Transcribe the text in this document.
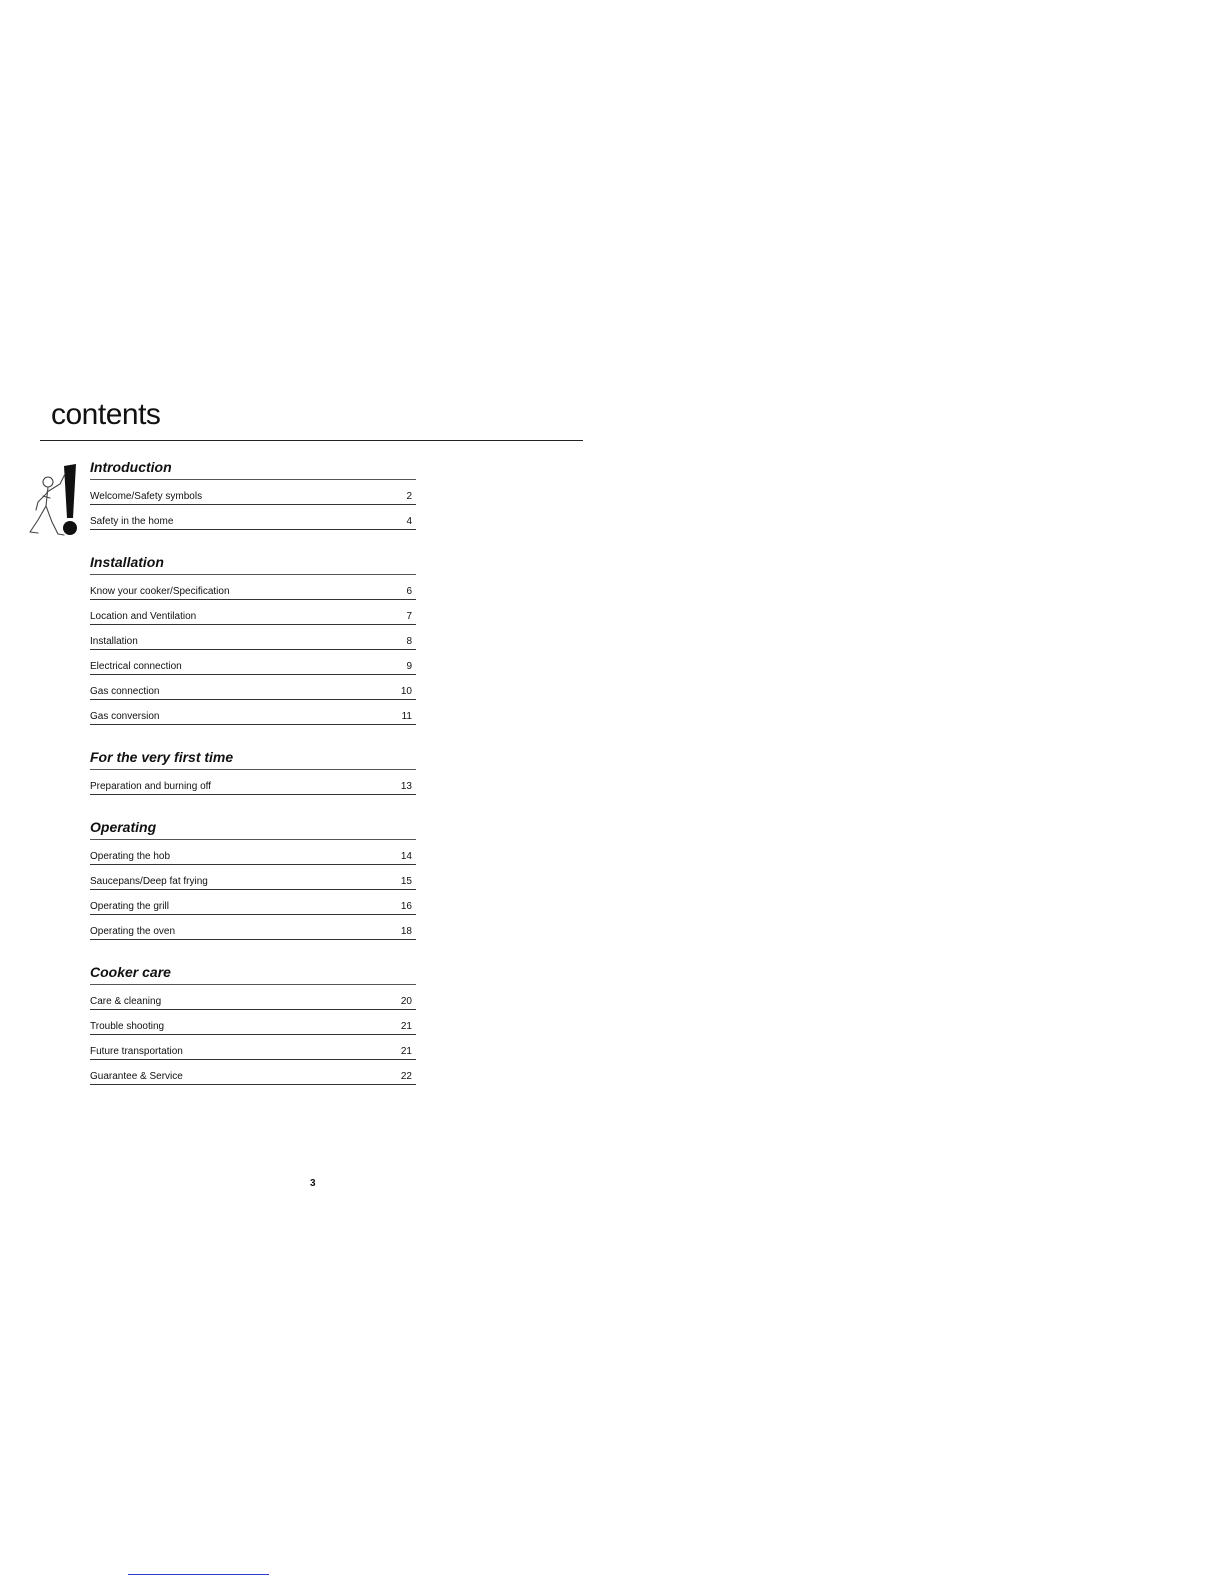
contents
Introduction
Welcome/Safety symbols	2
Safety in the home	4
Installation
Know your cooker/Specification	6
Location and Ventilation	7
Installation	8
Electrical connection	9
Gas connection	10
Gas conversion	11
For the very first time
Preparation and burning off	13
Operating
Operating the hob	14
Saucepans/Deep fat frying	15
Operating the grill	16
Operating the oven	18
Cooker care
Care & cleaning	20
Trouble shooting	21
Future transportation	21
Guarantee & Service	22
3
